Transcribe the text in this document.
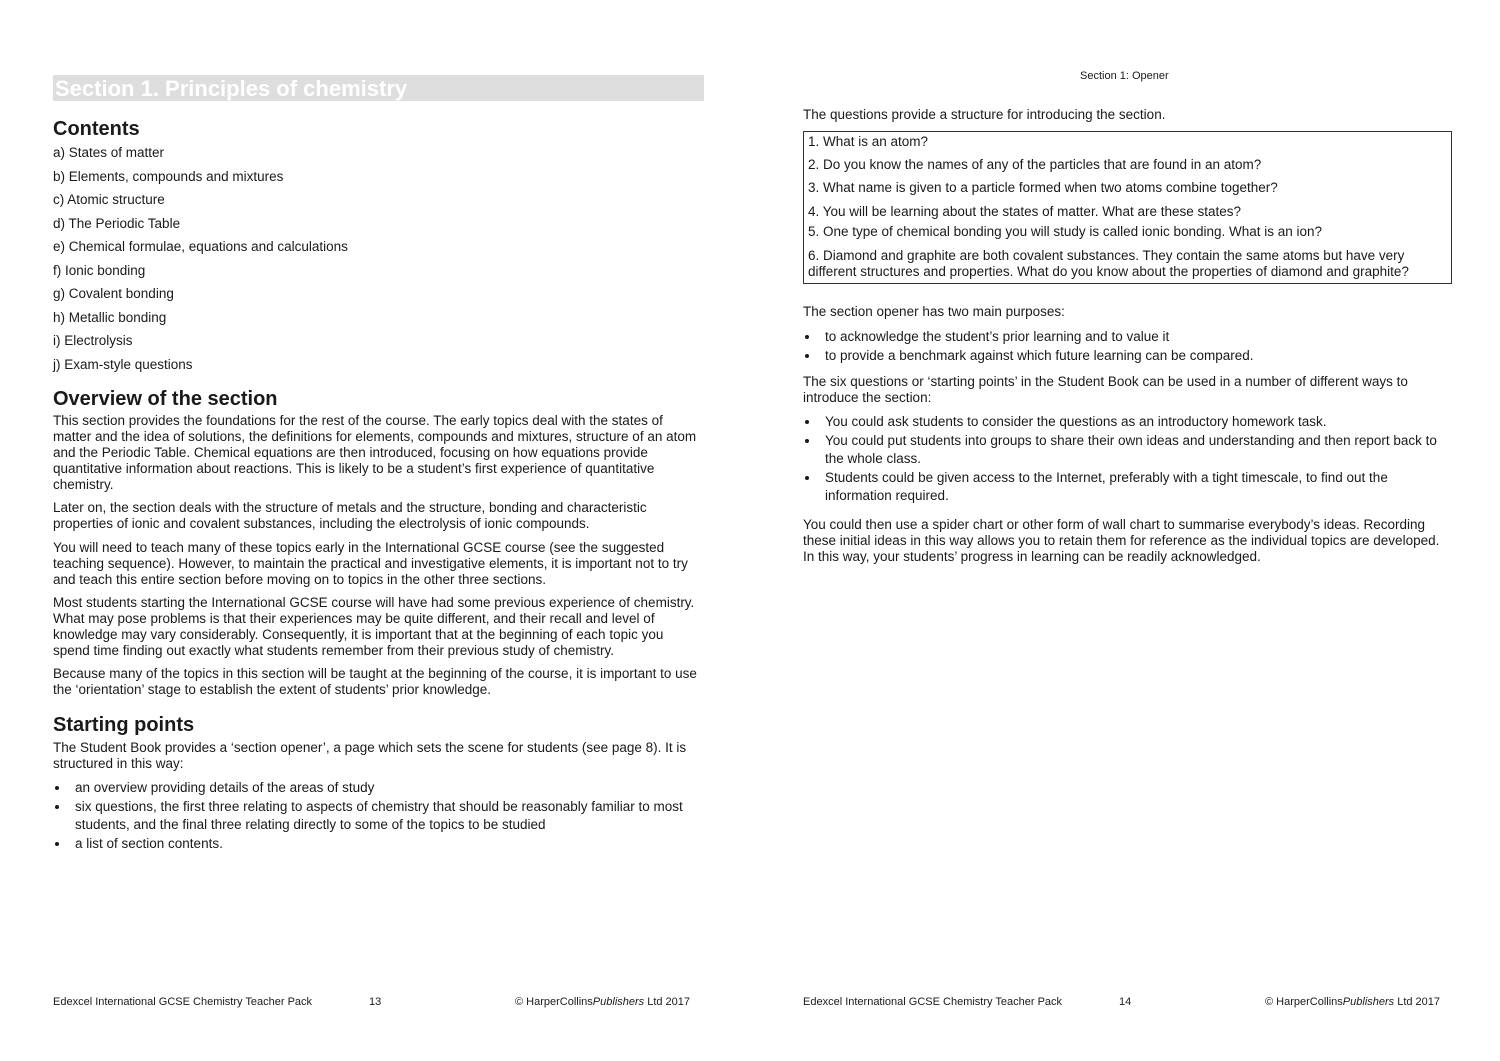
Section 1. Principles of chemistry
Contents
a) States of matter
b) Elements, compounds and mixtures
c) Atomic structure
d) The Periodic Table
e) Chemical formulae, equations and calculations
f) Ionic bonding
g) Covalent bonding
h) Metallic bonding
i) Electrolysis
j) Exam-style questions
Overview of the section

This section provides the foundations for the rest of the course. The early topics deal with the states of matter and the idea of solutions, the definitions for elements, compounds and mixtures, structure of an atom and the Periodic Table. Chemical equations are then introduced, focusing on how equations provide quantitative information about reactions. This is likely to be a student’s first experience of quantitative chemistry.

Later on, the section deals with the structure of metals and the structure, bonding and characteristic properties of ionic and covalent substances, including the electrolysis of ionic compounds.

You will need to teach many of these topics early in the International GCSE course (see the suggested teaching sequence). However, to maintain the practical and investigative elements, it is important not to try and teach this entire section before moving on to topics in the other three sections.

Most students starting the International GCSE course will have had some previous experience of chemistry. What may pose problems is that their experiences may be quite different, and their recall and level of knowledge may vary considerably. Consequently, it is important that at the beginning of each topic you spend time finding out exactly what students remember from their previous study of chemistry.

Because many of the topics in this section will be taught at the beginning of the course, it is important to use the ‘orientation’ stage to establish the extent of students’ prior knowledge.

Starting points

The Student Book provides a ‘section opener’, a page which sets the scene for students (see page 8). It is structured in this way:

an overview providing details of the areas of study
six questions, the first three relating to aspects of chemistry that should be reasonably familiar to most students, and the final three relating directly to some of the topics to be studied
a list of section contents.
Edexcel International GCSE Chemistry Teacher Pack	13	© HarperCollinsPublishers Ltd 2017
Section 1: Opener

The questions provide a structure for introducing the section.

1. What is an atom?
2. Do you know the names of any of the particles that are found in an atom?
3. What name is given to a particle formed when two atoms combine together?
4. You will be learning about the states of matter. What are these states?
5. One type of chemical bonding you will study is called ionic bonding. What is an ion?
6. Diamond and graphite are both covalent substances. They contain the same atoms but have very different structures and properties. What do you know about the properties of diamond and graphite?

The section opener has two main purposes:

to acknowledge the student’s prior learning and to value it
to provide a benchmark against which future learning can be compared.

The six questions or ‘starting points’ in the Student Book can be used in a number of different ways to introduce the section:

You could ask students to consider the questions as an introductory homework task.
You could put students into groups to share their own ideas and understanding and then report back to the whole class.
Students could be given access to the Internet, preferably with a tight timescale, to find out the information required.

You could then use a spider chart or other form of wall chart to summarise everybody’s ideas. Recording these initial ideas in this way allows you to retain them for reference as the individual topics are developed. In this way, your students’ progress in learning can be readily acknowledged.

Edexcel International GCSE Chemistry Teacher Pack	14	© HarperCollinsPublishers Ltd 2017
